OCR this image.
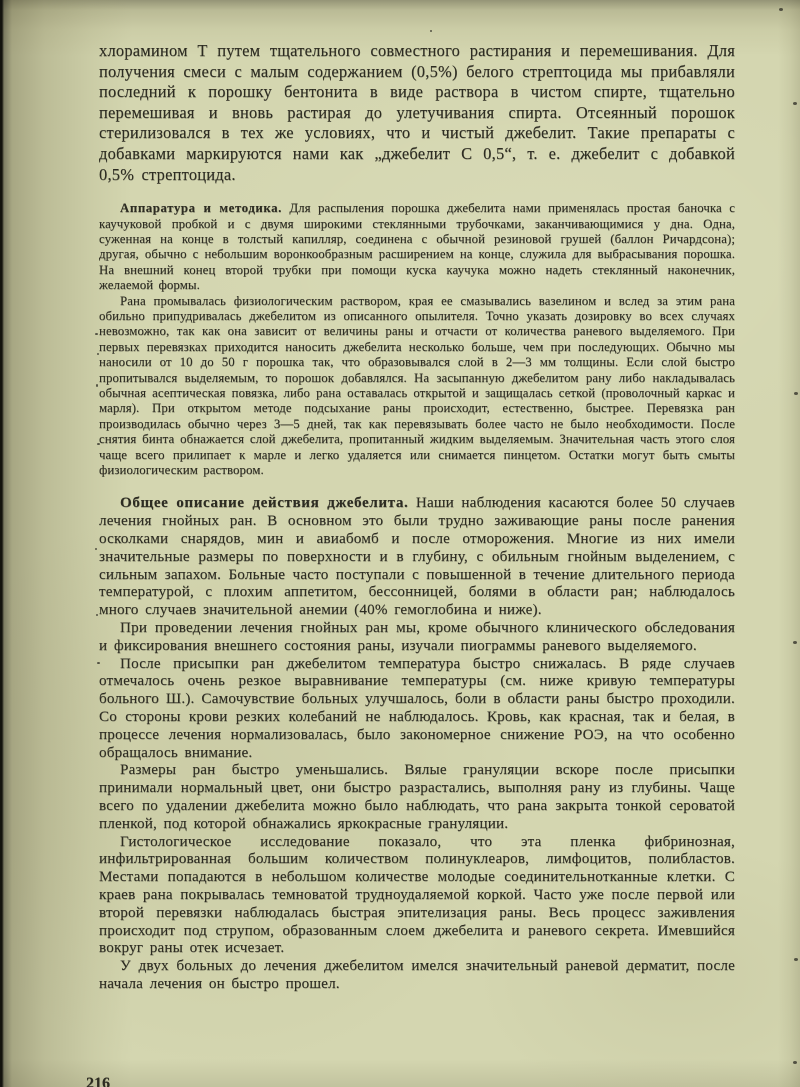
хлорамином Т путем тщательного совместного растирания и перемешивания. Для получения смеси с малым содержанием (0,5%) белого стрептоцида мы прибавляли последний к порошку бентонита в виде раствора в чистом спирте, тщательно перемешивая и вновь растирая до улетучивания спирта. Отсеянный порошок стерилизовался в тех же условиях, что и чистый джебелит. Такие препараты с добавками маркируются нами как „джебелит С 0,5“, т. е. джебелит с добавкой 0,5% стрептоцида.

Аппаратура и методика. Для распыления порошка джебелита нами применялась простая баночка с каучуковой пробкой и с двумя широкими стеклянными трубочками, заканчивающимися у дна. Одна, суженная на конце в толстый капилляр, соединена с обычной резиновой грушей (баллон Ричардсона); другая, обычно с небольшим воронкообразным расширением на конце, служила для выбрасывания порошка. На внешний конец второй трубки при помощи куска каучука можно надеть стеклянный наконечник, желаемой формы.

Рана промывалась физиологическим раствором, края ее смазывались вазелином и вслед за этим рана обильно припудривалась джебелитом из описанного опылителя. Точно указать дозировку во всех случаях невозможно, так как она зависит от величины раны и отчасти от количества раневого выделяемого. При первых перевязках приходится наносить джебелита несколько больше, чем при последующих. Обычно мы наносили от 10 до 50 г порошка так, что образовывался слой в 2—3 мм толщины. Если слой быстро пропитывался выделяемым, то порошок добавлялся. На засыпанную джебелитом рану либо накладывалась обычная асептическая повязка, либо рана оставалась открытой и защищалась сеткой (проволочный каркас и марля). При открытом методе подсыхание раны происходит, естественно, быстрее. Перевязка ран производилась обычно через 3—5 дней, так как перевязывать более часто не было необходимости. После снятия бинта обнажается слой джебелита, пропитанный жидким выделяемым. Значительная часть этого слоя чаще всего прилипает к марле и легко удаляется или снимается пинцетом. Остатки могут быть смыты физиологическим раствором.

Общее описание действия джебелита. Наши наблюдения касаются более 50 случаев лечения гнойных ран. В основном это были трудно заживающие раны после ранения осколками снарядов, мин и авиабомб и после отморожения. Многие из них имели значительные размеры по поверхности и в глубину, с обильным гнойным выделением, с сильным запахом. Больные часто поступали с повышенной в течение длительного периода температурой, с плохим аппетитом, бессонницей, болями в области ран; наблюдалось много случаев значительной анемии (40% гемоглобина и ниже).

При проведении лечения гнойных ран мы, кроме обычного клинического обследования и фиксирования внешнего состояния раны, изучали пиограммы раневого выделяемого.

После присыпки ран джебелитом температура быстро снижалась. В ряде случаев отмечалось очень резкое выравнивание температуры (см. ниже кривую температуры больного Ш.). Самочувствие больных улучшалось, боли в области раны быстро проходили. Со стороны крови резких колебаний не наблюдалось. Кровь, как красная, так и белая, в процессе лечения нормализовалась, было закономерное снижение РОЭ, на что особенно обращалось внимание.

Размеры ран быстро уменьшались. Вялые грануляции вскоре после присыпки принимали нормальный цвет, они быстро разрастались, выполняя рану из глубины. Чаще всего по удалении джебелита можно было наблюдать, что рана закрыта тонкой сероватой пленкой, под которой обнажались яркокрасные грануляции.

Гистологическое исследование показало, что эта пленка фибринозная, инфильтрированная большим количеством полинуклеаров, лимфоцитов, полибластов. Местами попадаются в небольшом количестве молодые соединительнотканные клетки. С краев рана покрывалась темноватой трудноудаляемой коркой. Часто уже после первой или второй перевязки наблюдалась быстрая эпителизация раны. Весь процесс заживления происходит под струпом, образованным слоем джебелита и раневого секрета. Имевшийся вокруг раны отек исчезает.

У двух больных до лечения джебелитом имелся значительный раневой дерматит, после начала лечения он быстро прошел.

216
